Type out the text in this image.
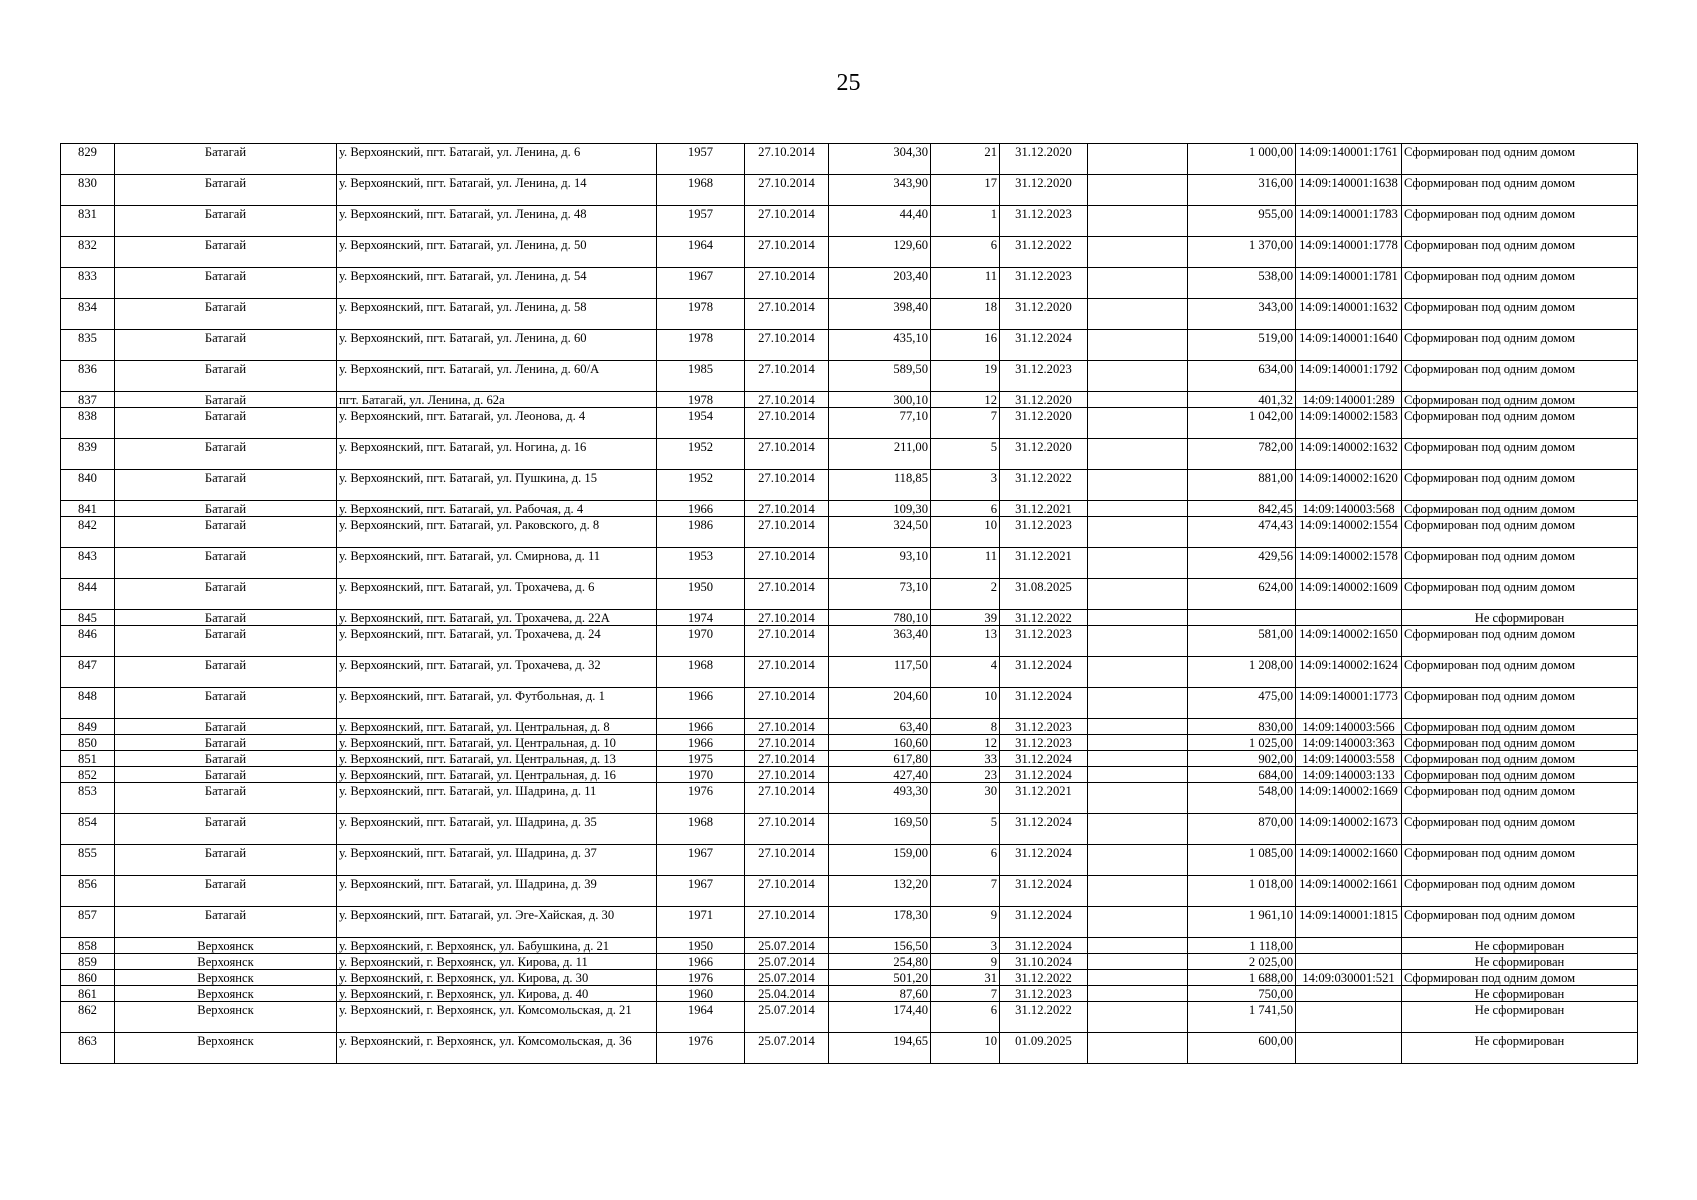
25
829	Батагай	у. Верхоянский, пгт. Батагай, ул. Ленина, д. 6	1957	27.10.2014	304,30	21	31.12.2020		1 000,00	14:09:140001:1761	Сформирован под одним домом
830	Батагай	у. Верхоянский, пгт. Батагай, ул. Ленина, д. 14	1968	27.10.2014	343,90	17	31.12.2020		316,00	14:09:140001:1638	Сформирован под одним домом
831	Батагай	у. Верхоянский, пгт. Батагай, ул. Ленина, д. 48	1957	27.10.2014	44,40	1	31.12.2023		955,00	14:09:140001:1783	Сформирован под одним домом
832	Батагай	у. Верхоянский, пгт. Батагай, ул. Ленина, д. 50	1964	27.10.2014	129,60	6	31.12.2022		1 370,00	14:09:140001:1778	Сформирован под одним домом
833	Батагай	у. Верхоянский, пгт. Батагай, ул. Ленина, д. 54	1967	27.10.2014	203,40	11	31.12.2023		538,00	14:09:140001:1781	Сформирован под одним домом
834	Батагай	у. Верхоянский, пгт. Батагай, ул. Ленина, д. 58	1978	27.10.2014	398,40	18	31.12.2020		343,00	14:09:140001:1632	Сформирован под одним домом
835	Батагай	у. Верхоянский, пгт. Батагай, ул. Ленина, д. 60	1978	27.10.2014	435,10	16	31.12.2024		519,00	14:09:140001:1640	Сформирован под одним домом
836	Батагай	у. Верхоянский, пгт. Батагай, ул. Ленина, д. 60/А	1985	27.10.2014	589,50	19	31.12.2023		634,00	14:09:140001:1792	Сформирован под одним домом
837	Батагай	пгт. Батагай, ул. Ленина, д. 62а	1978	27.10.2014	300,10	12	31.12.2020		401,32	14:09:140001:289	Сформирован под одним домом
838	Батагай	у. Верхоянский, пгт. Батагай, ул. Леонова, д. 4	1954	27.10.2014	77,10	7	31.12.2020		1 042,00	14:09:140002:1583	Сформирован под одним домом
839	Батагай	у. Верхоянский, пгт. Батагай, ул. Ногина, д. 16	1952	27.10.2014	211,00	5	31.12.2020		782,00	14:09:140002:1632	Сформирован под одним домом
840	Батагай	у. Верхоянский, пгт. Батагай, ул. Пушкина, д. 15	1952	27.10.2014	118,85	3	31.12.2022		881,00	14:09:140002:1620	Сформирован под одним домом
841	Батагай	у. Верхоянский, пгт. Батагай, ул. Рабочая, д. 4	1966	27.10.2014	109,30	6	31.12.2021		842,45	14:09:140003:568	Сформирован под одним домом
842	Батагай	у. Верхоянский, пгт. Батагай, ул. Раковского, д. 8	1986	27.10.2014	324,50	10	31.12.2023		474,43	14:09:140002:1554	Сформирован под одним домом
843	Батагай	у. Верхоянский, пгт. Батагай, ул. Смирнова, д. 11	1953	27.10.2014	93,10	11	31.12.2021		429,56	14:09:140002:1578	Сформирован под одним домом
844	Батагай	у. Верхоянский, пгт. Батагай, ул. Трохачева, д. 6	1950	27.10.2014	73,10	2	31.08.2025		624,00	14:09:140002:1609	Сформирован под одним домом
845	Батагай	у. Верхоянский, пгт. Батагай, ул. Трохачева, д. 22А	1974	27.10.2014	780,10	39	31.12.2022				Не сформирован
846	Батагай	у. Верхоянский, пгт. Батагай, ул. Трохачева, д. 24	1970	27.10.2014	363,40	13	31.12.2023		581,00	14:09:140002:1650	Сформирован под одним домом
847	Батагай	у. Верхоянский, пгт. Батагай, ул. Трохачева, д. 32	1968	27.10.2014	117,50	4	31.12.2024		1 208,00	14:09:140002:1624	Сформирован под одним домом
848	Батагай	у. Верхоянский, пгт. Батагай, ул. Футбольная, д. 1	1966	27.10.2014	204,60	10	31.12.2024		475,00	14:09:140001:1773	Сформирован под одним домом
849	Батагай	у. Верхоянский, пгт. Батагай, ул. Центральная, д. 8	1966	27.10.2014	63,40	8	31.12.2023		830,00	14:09:140003:566	Сформирован под одним домом
850	Батагай	у. Верхоянский, пгт. Батагай, ул. Центральная, д. 10	1966	27.10.2014	160,60	12	31.12.2023		1 025,00	14:09:140003:363	Сформирован под одним домом
851	Батагай	у. Верхоянский, пгт. Батагай, ул. Центральная, д. 13	1975	27.10.2014	617,80	33	31.12.2024		902,00	14:09:140003:558	Сформирован под одним домом
852	Батагай	у. Верхоянский, пгт. Батагай, ул. Центральная, д. 16	1970	27.10.2014	427,40	23	31.12.2024		684,00	14:09:140003:133	Сформирован под одним домом
853	Батагай	у. Верхоянский, пгт. Батагай, ул. Шадрина, д. 11	1976	27.10.2014	493,30	30	31.12.2021		548,00	14:09:140002:1669	Сформирован под одним домом
854	Батагай	у. Верхоянский, пгт. Батагай, ул. Шадрина, д. 35	1968	27.10.2014	169,50	5	31.12.2024		870,00	14:09:140002:1673	Сформирован под одним домом
855	Батагай	у. Верхоянский, пгт. Батагай, ул. Шадрина, д. 37	1967	27.10.2014	159,00	6	31.12.2024		1 085,00	14:09:140002:1660	Сформирован под одним домом
856	Батагай	у. Верхоянский, пгт. Батагай, ул. Шадрина, д. 39	1967	27.10.2014	132,20	7	31.12.2024		1 018,00	14:09:140002:1661	Сформирован под одним домом
857	Батагай	у. Верхоянский, пгт. Батагай, ул. Эге-Хайская, д. 30	1971	27.10.2014	178,30	9	31.12.2024		1 961,10	14:09:140001:1815	Сформирован под одним домом
858	Верхоянск	у. Верхоянский, г. Верхоянск, ул. Бабушкина, д. 21	1950	25.07.2014	156,50	3	31.12.2024		1 118,00		Не сформирован
859	Верхоянск	у. Верхоянский, г. Верхоянск, ул. Кирова, д. 11	1966	25.07.2014	254,80	9	31.10.2024		2 025,00		Не сформирован
860	Верхоянск	у. Верхоянский, г. Верхоянск, ул. Кирова, д. 30	1976	25.07.2014	501,20	31	31.12.2022		1 688,00	14:09:030001:521	Сформирован под одним домом
861	Верхоянск	у. Верхоянский, г. Верхоянск, ул. Кирова, д. 40	1960	25.04.2014	87,60	7	31.12.2023		750,00		Не сформирован
862	Верхоянск	у. Верхоянский, г. Верхоянск, ул. Комсомольская, д. 21	1964	25.07.2014	174,40	6	31.12.2022		1 741,50		Не сформирован
863	Верхоянск	у. Верхоянский, г. Верхоянск, ул. Комсомольская, д. 36	1976	25.07.2014	194,65	10	01.09.2025		600,00		Не сформирован
